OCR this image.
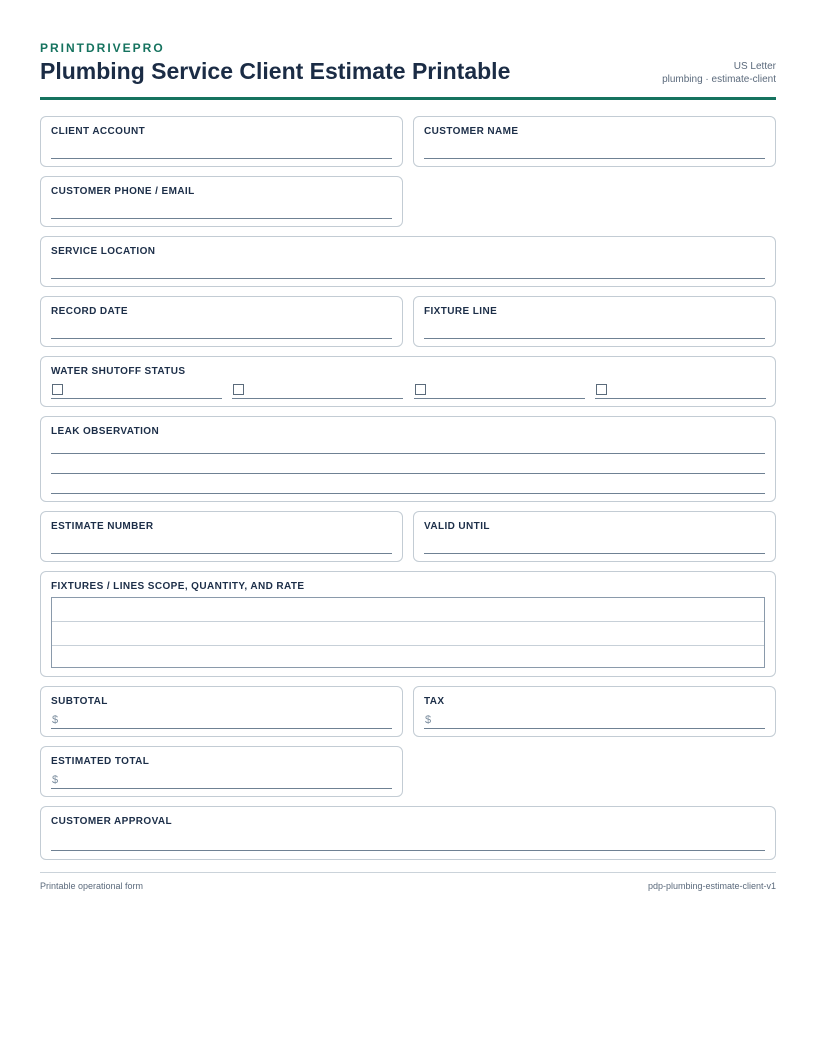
PRINTDRIVEPRO
Plumbing Service Client Estimate Printable	US Letter
plumbing · estimate-client
CLIENT ACCOUNT	CUSTOMER NAME
CUSTOMER PHONE / EMAIL
SERVICE LOCATION
RECORD DATE	FIXTURE LINE
WATER SHUTOFF STATUS
LEAK OBSERVATION
ESTIMATE NUMBER	VALID UNTIL
FIXTURES / LINES SCOPE, QUANTITY, AND RATE
SUBTOTAL
$
TAX
$
ESTIMATED TOTAL
$
CUSTOMER APPROVAL
Printable operational form	pdp-plumbing-estimate-client-v1
